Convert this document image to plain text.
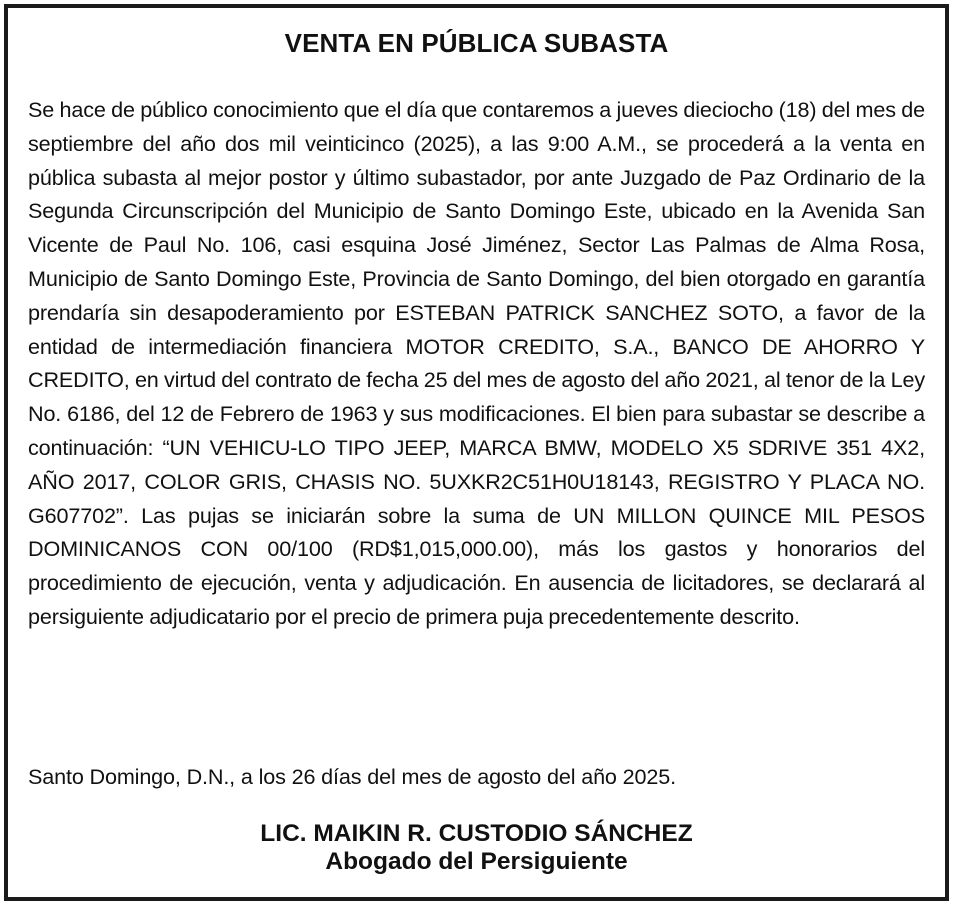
VENTA EN PÚBLICA SUBASTA

Se hace de público conocimiento que el día que contaremos a jueves dieciocho (18) del mes de septiembre del año dos mil veinticinco (2025), a las 9:00 A.M., se procederá a la venta en pública subasta al mejor postor y último subastador, por ante Juzgado de Paz Ordinario de la Segunda Circunscripción del Municipio de Santo Domingo Este, ubicado en la Avenida San Vicente de Paul No. 106, casi esquina José Jiménez, Sector Las Palmas de Alma Rosa, Municipio de Santo Domingo Este, Provincia de Santo Domingo, del bien otorgado en garantía prendaría sin desapoderamiento por ESTEBAN PATRICK SANCHEZ SOTO, a favor de la entidad de intermediación financiera MOTOR CREDITO, S.A., BANCO DE AHORRO Y CREDITO, en virtud del contrato de fecha 25 del mes de agosto del año 2021, al tenor de la Ley No. 6186, del 12 de Febrero de 1963 y sus modificaciones. El bien para subastar se describe a continuación: “UN VEHICU-LO TIPO JEEP, MARCA BMW, MODELO X5 SDRIVE 351 4X2, AÑO 2017, COLOR GRIS, CHASIS NO. 5UXKR2C51H0U18143, REGISTRO Y PLACA NO. G607702”. Las pujas se iniciarán sobre la suma de UN MILLON QUINCE MIL PESOS DOMINICANOS CON 00/100 (RD$1,015,000.00), más los gastos y honorarios del procedimiento de ejecución, venta y adjudicación. En ausencia de licitadores, se declarará al persiguiente adjudicatario por el precio de primera puja precedentemente descrito.

Santo Domingo, D.N., a los 26 días del mes de agosto del año 2025.

LIC. MAIKIN R. CUSTODIO SÁNCHEZ
Abogado del Persiguiente
